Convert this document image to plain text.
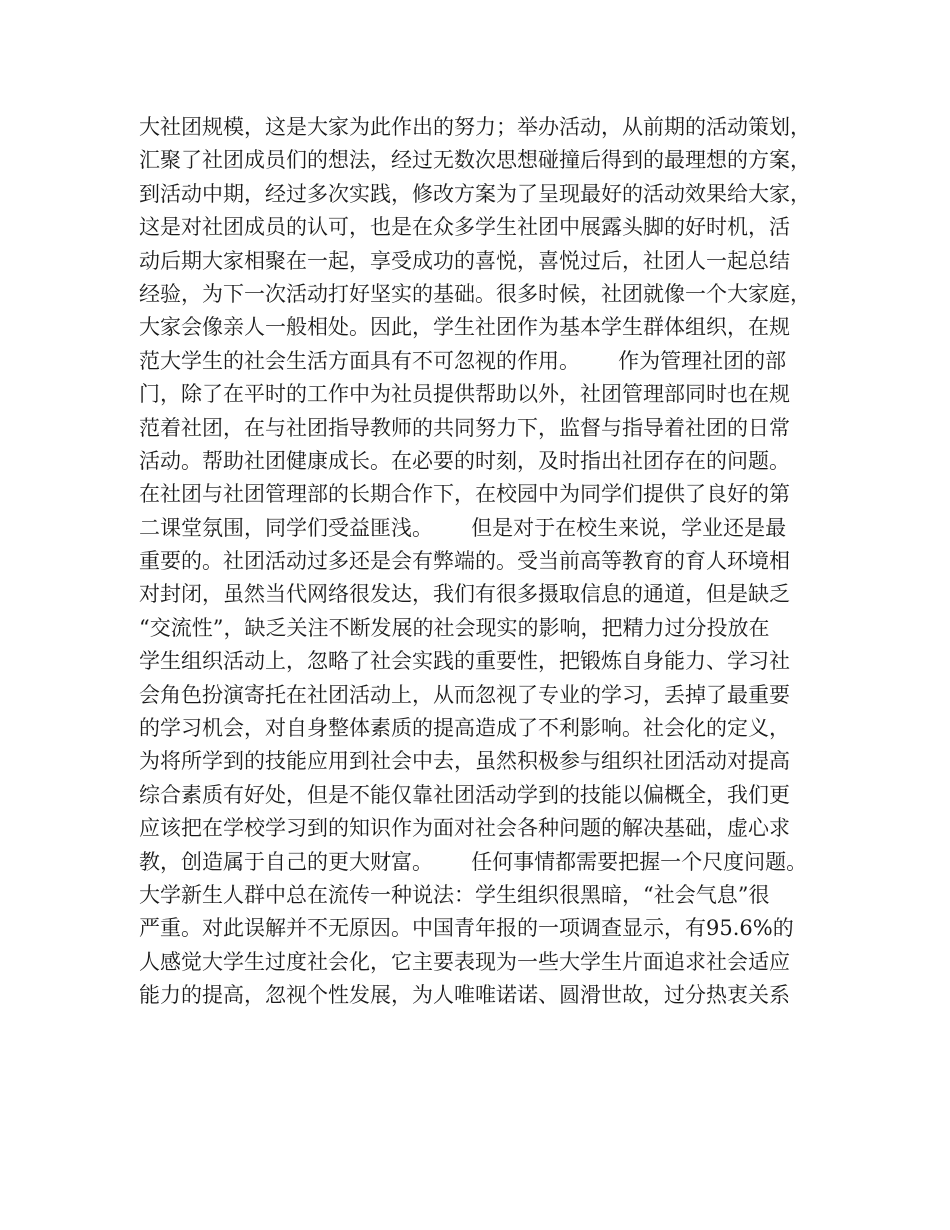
大社团规模，这是大家为此作出的努力；举办活动，从前期的活动策划，
汇聚了社团成员们的想法，经过无数次思想碰撞后得到的最理想的方案，
到活动中期，经过多次实践，修改方案为了呈现最好的活动效果给大家，
这是对社团成员的认可，也是在众多学生社团中展露头脚的好时机，活
动后期大家相聚在一起，享受成功的喜悦，喜悦过后，社团人一起总结
经验，为下一次活动打好坚实的基础。很多时候，社团就像一个大家庭，
大家会像亲人一般相处。因此，学生社团作为基本学生群体组织，在规
范大学生的社会生活方面具有不可忽视的作用。　　 作为管理社团的部
门，除了在平时的工作中为社员提供帮助以外，社团管理部同时也在规
范着社团，在与社团指导教师的共同努力下，监督与指导着社团的日常
活动。帮助社团健康成长。在必要的时刻，及时指出社团存在的问题。
在社团与社团管理部的长期合作下，在校园中为同学们提供了良好的第
二课堂氛围，同学们受益匪浅。　　 但是对于在校生来说，学业还是最
重要的。社团活动过多还是会有弊端的。受当前高等教育的育人环境相
对封闭，虽然当代网络很发达，我们有很多摄取信息的通道，但是缺乏
“交流性”，缺乏关注不断发展的社会现实的影响，把精力过分投放在
学生组织活动上，忽略了社会实践的重要性，把锻炼自身能力、学习社
会角色扮演寄托在社团活动上，从而忽视了专业的学习，丢掉了最重要
的学习机会，对自身整体素质的提高造成了不利影响。社会化的定义，
为将所学到的技能应用到社会中去，虽然积极参与组织社团活动对提高
综合素质有好处，但是不能仅靠社团活动学到的技能以偏概全，我们更
应该把在学校学习到的知识作为面对社会各种问题的解决基础，虚心求
教，创造属于自己的更大财富。　　 任何事情都需要把握一个尺度问题。
大学新生人群中总在流传一种说法：学生组织很黑暗，“社会气息”很
严重。对此误解并不无原因。中国青年报的一项调查显示，有95.6%的
人感觉大学生过度社会化，它主要表现为一些大学生片面追求社会适应
能力的提高，忽视个性发展，为人唯唯诺诺、圆滑世故，过分热衷关系
